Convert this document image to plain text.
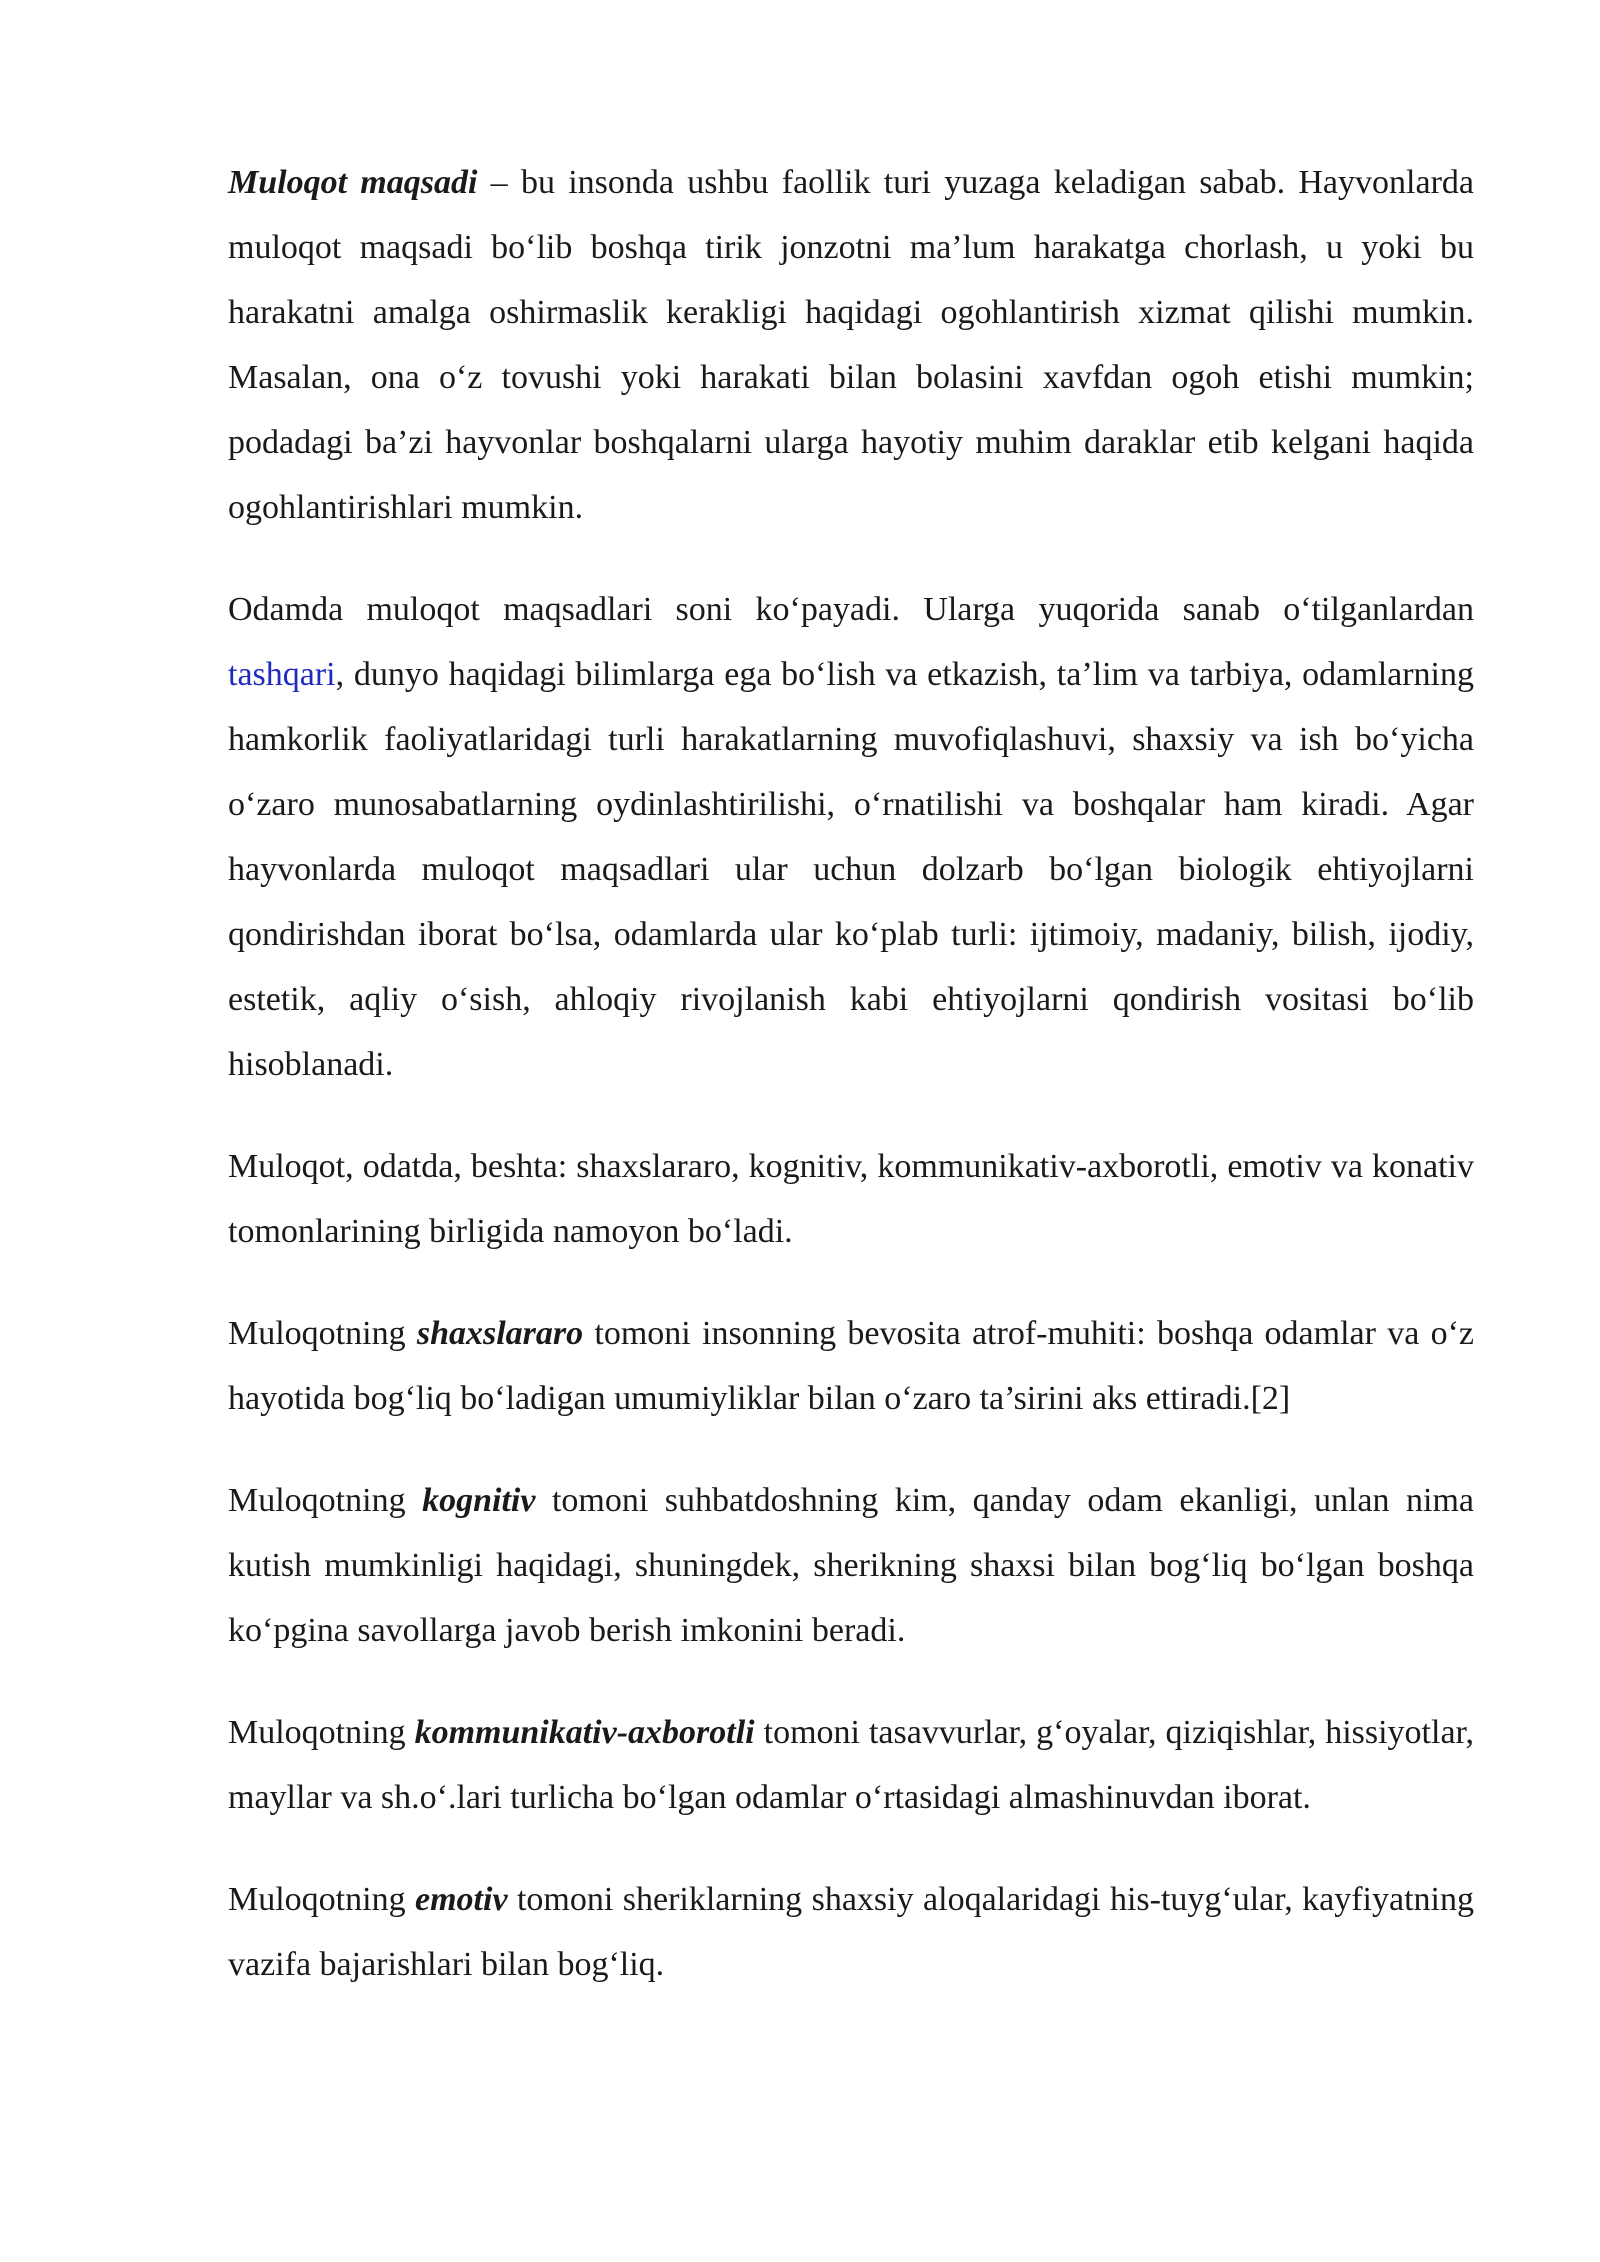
Muloqot maqsadi – bu insonda ushbu faollik turi yuzaga keladigan sabab. Hayvonlarda muloqot maqsadi bo‘lib boshqa tirik jonzotni ma’lum harakatga chorlash, u yoki bu harakatni amalga oshirmaslik kerakligi haqidagi ogohlantirish xizmat qilishi mumkin. Masalan, ona o‘z tovushi yoki harakati bilan bolasini xavfdan ogoh etishi mumkin; podadagi ba’zi hayvonlar boshqalarni ularga hayotiy muhim daraklar etib kelgani haqida ogohlantirishlari mumkin.

Odamda muloqot maqsadlari soni ko‘payadi. Ularga yuqorida sanab o‘tilganlardan tashqari, dunyo haqidagi bilimlarga ega bo‘lish va etkazish, ta’lim va tarbiya, odamlarning hamkorlik faoliyatlaridagi turli harakatlarning muvofiqlashuvi, shaxsiy va ish bo‘yicha o‘zaro munosabatlarning oydinlashtirilishi, o‘rnatilishi va boshqalar ham kiradi. Agar hayvonlarda muloqot maqsadlari ular uchun dolzarb bo‘lgan biologik ehtiyojlarni qondirishdan iborat bo‘lsa, odamlarda ular ko‘plab turli: ijtimoiy, madaniy, bilish, ijodiy, estetik, aqliy o‘sish, ahloqiy rivojlanish kabi ehtiyojlarni qondirish vositasi bo‘lib hisoblanadi.

Muloqot, odatda, beshta: shaxslararo, kognitiv, kommunikativ-axborotli, emotiv va konativ tomonlarining birligida namoyon bo‘ladi.

Muloqotning shaxslararo tomoni insonning bevosita atrof-muhiti: boshqa odamlar va o‘z hayotida bog‘liq bo‘ladigan umumiyliklar bilan o‘zaro ta’sirini aks ettiradi.[2]

Muloqotning kognitiv tomoni suhbatdoshning kim, qanday odam ekanligi, unlan nima kutish mumkinligi haqidagi, shuningdek, sherikning shaxsi bilan bog‘liq bo‘lgan boshqa ko‘pgina savollarga javob berish imkonini beradi.

Muloqotning kommunikativ-axborotli tomoni tasavvurlar, g‘oyalar, qiziqishlar, hissiyotlar, mayllar va sh.o‘.lari turlicha bo‘lgan odamlar o‘rtasidagi almashinuvdan iborat.

Muloqotning emotiv tomoni sheriklarning shaxsiy aloqalaridagi his-tuyg‘ular, kayfiyatning vazifa bajarishlari bilan bog‘liq.
